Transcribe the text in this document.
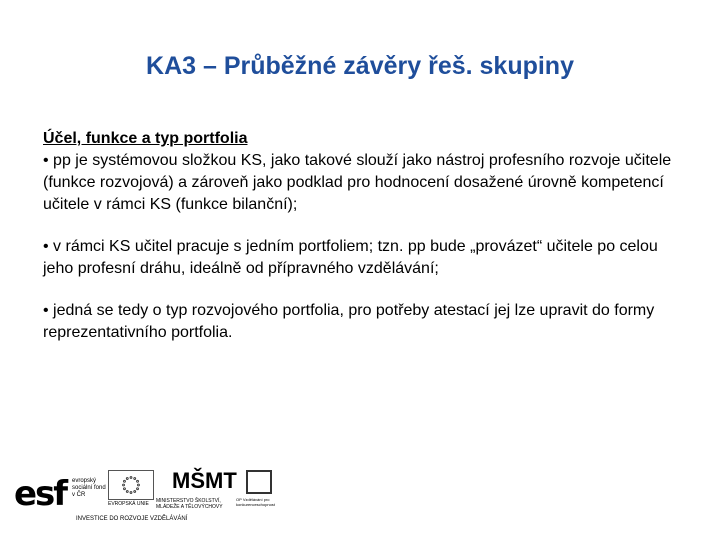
KA3 – Průběžné závěry řeš. skupiny

Účel, funkce a typ portfolia

• pp je systémovou složkou KS, jako takové slouží jako nástroj profesního rozvoje učitele (funkce rozvojová) a zároveň jako podklad pro hodnocení dosažené úrovně kompetencí učitele v rámci KS (funkce bilanční);

• v rámci KS učitel pracuje s jedním portfoliem; tzn. pp bude „provázet“ učitele po celou jeho profesní dráhu, ideálně od přípravného vzdělávání;

• jedná se tedy o typ rozvojového portfolia, pro potřeby atestací jej lze upravit do formy reprezentativního portfolia.

esf evropský sociální fond v ČR
EVROPSKÁ UNIE
MŠMT
MINISTERSTVO ŠKOLSTVÍ, MLÁDEŽE A TĚLOVÝCHOVY
OP Vzdělávání pro konkurenceschopnost
INVESTICE DO ROZVOJE VZDĚLÁVÁNÍ
